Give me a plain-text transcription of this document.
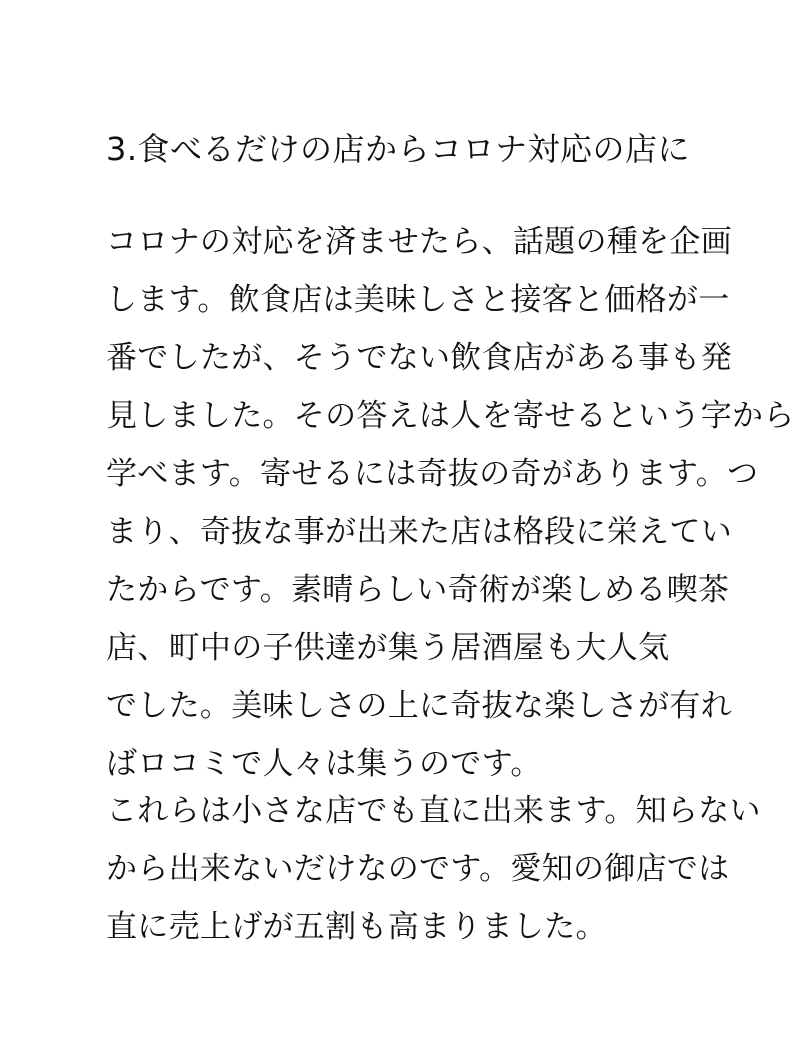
3.食べるだけの店からコロナ対応の店に
コロナの対応を済ませたら、話題の種を企画
します。飲食店は美味しさと接客と価格が一
番でしたが、そうでない飲食店がある事も発
見しました。その答えは人を寄せるという字から
学べます。寄せるには奇抜の奇があります。つ
まり、奇抜な事が出来た店は格段に栄えてい
たからです。素晴らしい奇術が楽しめる喫茶
店、町中の子供達が集う居酒屋も大人気
でした。美味しさの上に奇抜な楽しさが有れ
ばロコミで人々は集うのです。
これらは小さな店でも直に出来ます。知らない
から出来ないだけなのです。愛知の御店では
直に売上げが五割も高まりました。
